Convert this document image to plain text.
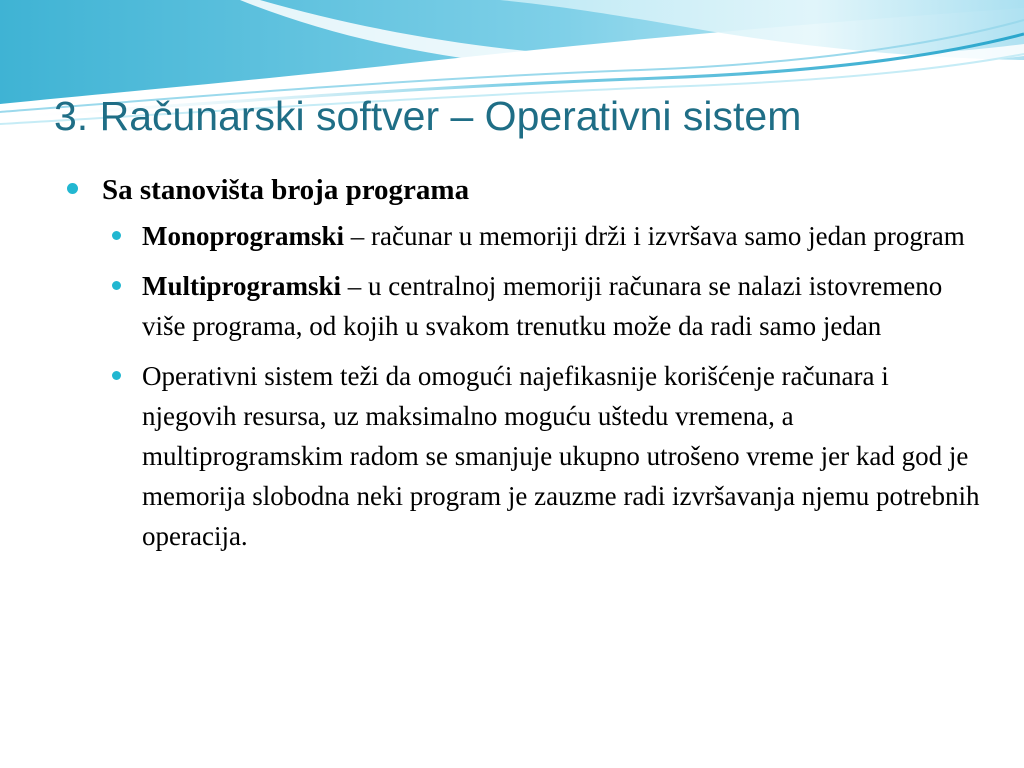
3. Računarski softver – Operativni sistem
Sa stanovišta broja programa
Monoprogramski – računar u memoriji drži i izvršava samo jedan program
Multiprogramski – u centralnoj memoriji računara se nalazi istovremeno više programa, od kojih u svakom trenutku može da radi samo jedan
Operativni sistem teži da omogući najefikasnije korišćenje računara i njegovih resursa, uz maksimalno moguću uštedu vremena, a multiprogramskim radom se smanjuje ukupno utrošeno vreme jer kad god je memorija slobodna neki program je zauzme radi izvršavanja njemu potrebnih operacija.
